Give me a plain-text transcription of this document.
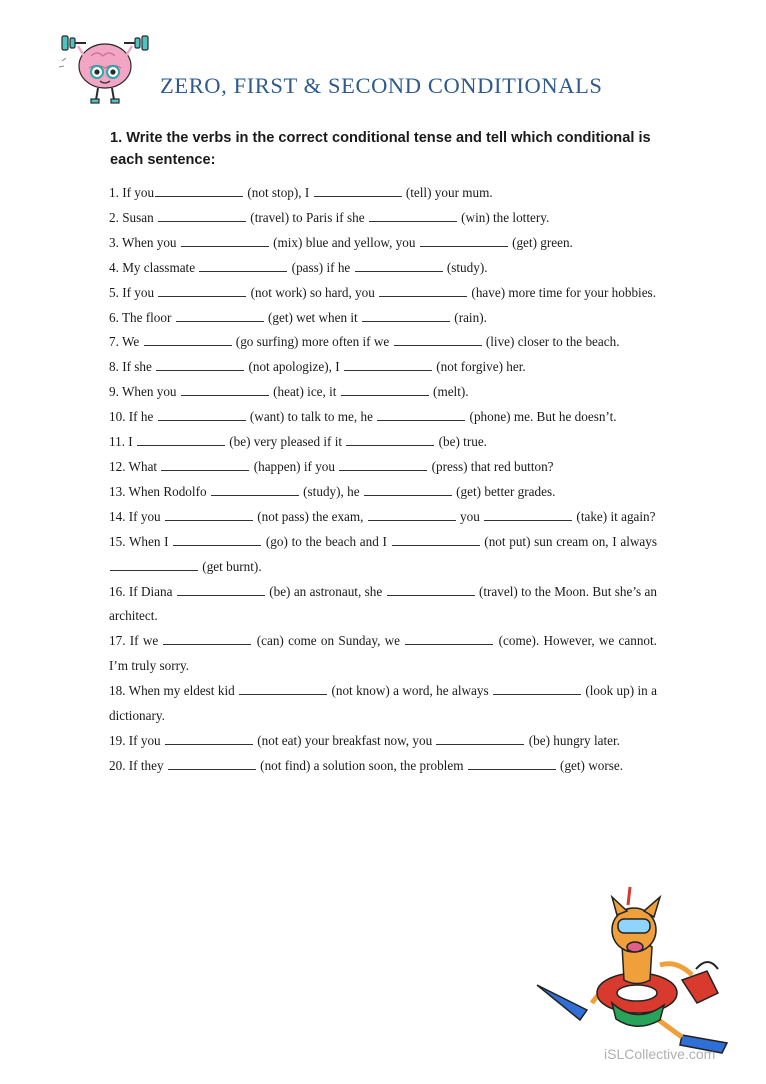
ZERO, FIRST & SECOND CONDITIONALS
1. Write the verbs in the correct conditional tense and tell which conditional is each sentence:
1. If you	(not stop), I	(tell) your mum.
2. Susan	(travel) to Paris if she	(win) the lottery.
3. When you	(mix) blue and yellow, you	(get) green.
4. My classmate	(pass) if he	(study).
5. If you	(not work) so hard, you	(have) more time for your hobbies.
6. The floor	(get) wet when it	(rain).
7. We	(go surfing) more often if we	(live) closer to the beach.
8. If she	(not apologize), I	(not forgive) her.
9. When you	(heat) ice, it	(melt).
10. If he	(want) to talk to me, he	(phone) me. But he doesn’t.
11. I	(be) very pleased if it	(be) true.
12. What	(happen) if you	(press) that red button?
13. When Rodolfo	(study), he	(get) better grades.
14. If you	(not pass) the exam,	you	(take) it again?
15. When I	(go) to the beach and I	(not put) sun cream on, I always  (get burnt).
16. If Diana	(be) an astronaut, she	(travel) to the Moon. But she’s an architect.
17. If we	(can) come on Sunday, we	(come). However, we cannot. I’m truly sorry.
18. When my eldest kid	(not know) a word, he always	(look up) in a dictionary.
19. If you	(not eat) your breakfast now, you	(be) hungry later.
20. If they	(not find) a solution soon, the problem	(get) worse.
iSLCollective.com
